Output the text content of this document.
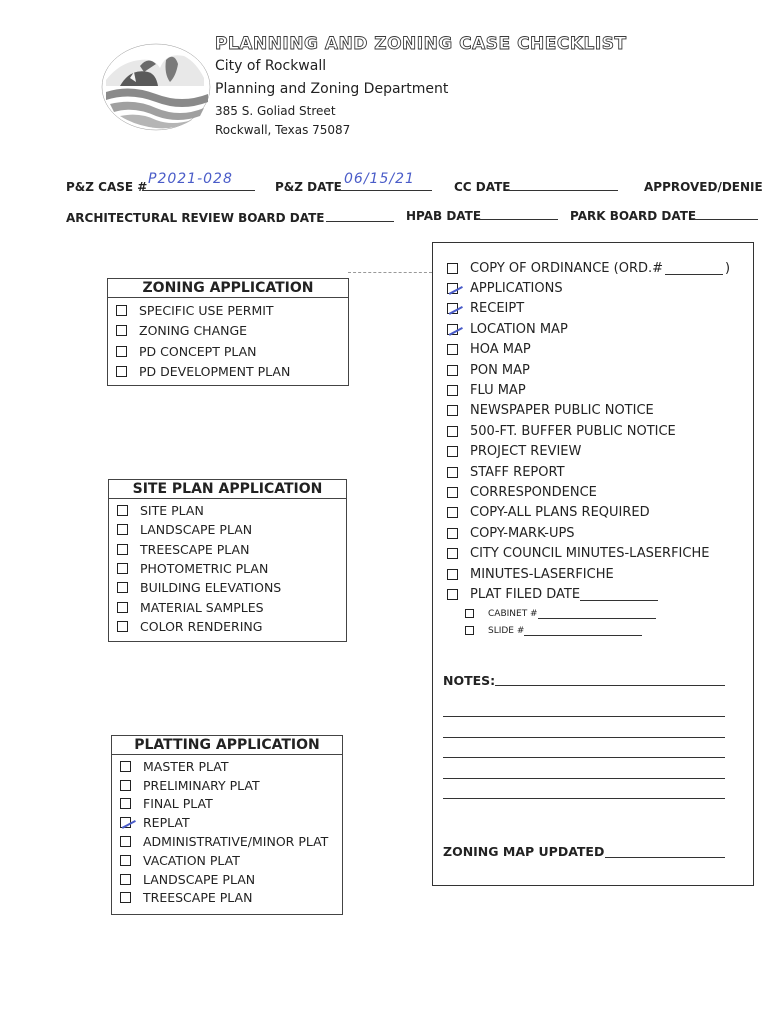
PLANNING AND ZONING CASE CHECKLIST
City of Rockwall
Planning and Zoning Department
385 S. Goliad Street
Rockwall, Texas 75087
P&Z CASE # P2021-028	P&Z DATE 06/15/21	CC DATE	APPROVED/DENIE
ARCHITECTURAL REVIEW BOARD DATE	HPAB DATE	PARK BOARD DATE
ZONING APPLICATION
SPECIFIC USE PERMIT
ZONING CHANGE
PD CONCEPT PLAN
PD DEVELOPMENT PLAN
SITE PLAN APPLICATION
SITE PLAN
LANDSCAPE PLAN
TREESCAPE PLAN
PHOTOMETRIC PLAN
BUILDING ELEVATIONS
MATERIAL SAMPLES
COLOR RENDERING
PLATTING APPLICATION
MASTER PLAT
PRELIMINARY PLAT
FINAL PLAT
REPLAT
ADMINISTRATIVE/MINOR PLAT
VACATION PLAT
LANDSCAPE PLAN
TREESCAPE PLAN
COPY OF ORDINANCE (ORD.#	)
APPLICATIONS
RECEIPT
LOCATION MAP
HOA MAP
PON MAP
FLU MAP
NEWSPAPER PUBLIC NOTICE
500-FT. BUFFER PUBLIC NOTICE
PROJECT REVIEW
STAFF REPORT
CORRESPONDENCE
COPY-ALL PLANS REQUIRED
COPY-MARK-UPS
CITY COUNCIL MINUTES-LASERFICHE
MINUTES-LASERFICHE
PLAT FILED DATE
CABINET #
SLIDE #
NOTES:
ZONING MAP UPDATED
